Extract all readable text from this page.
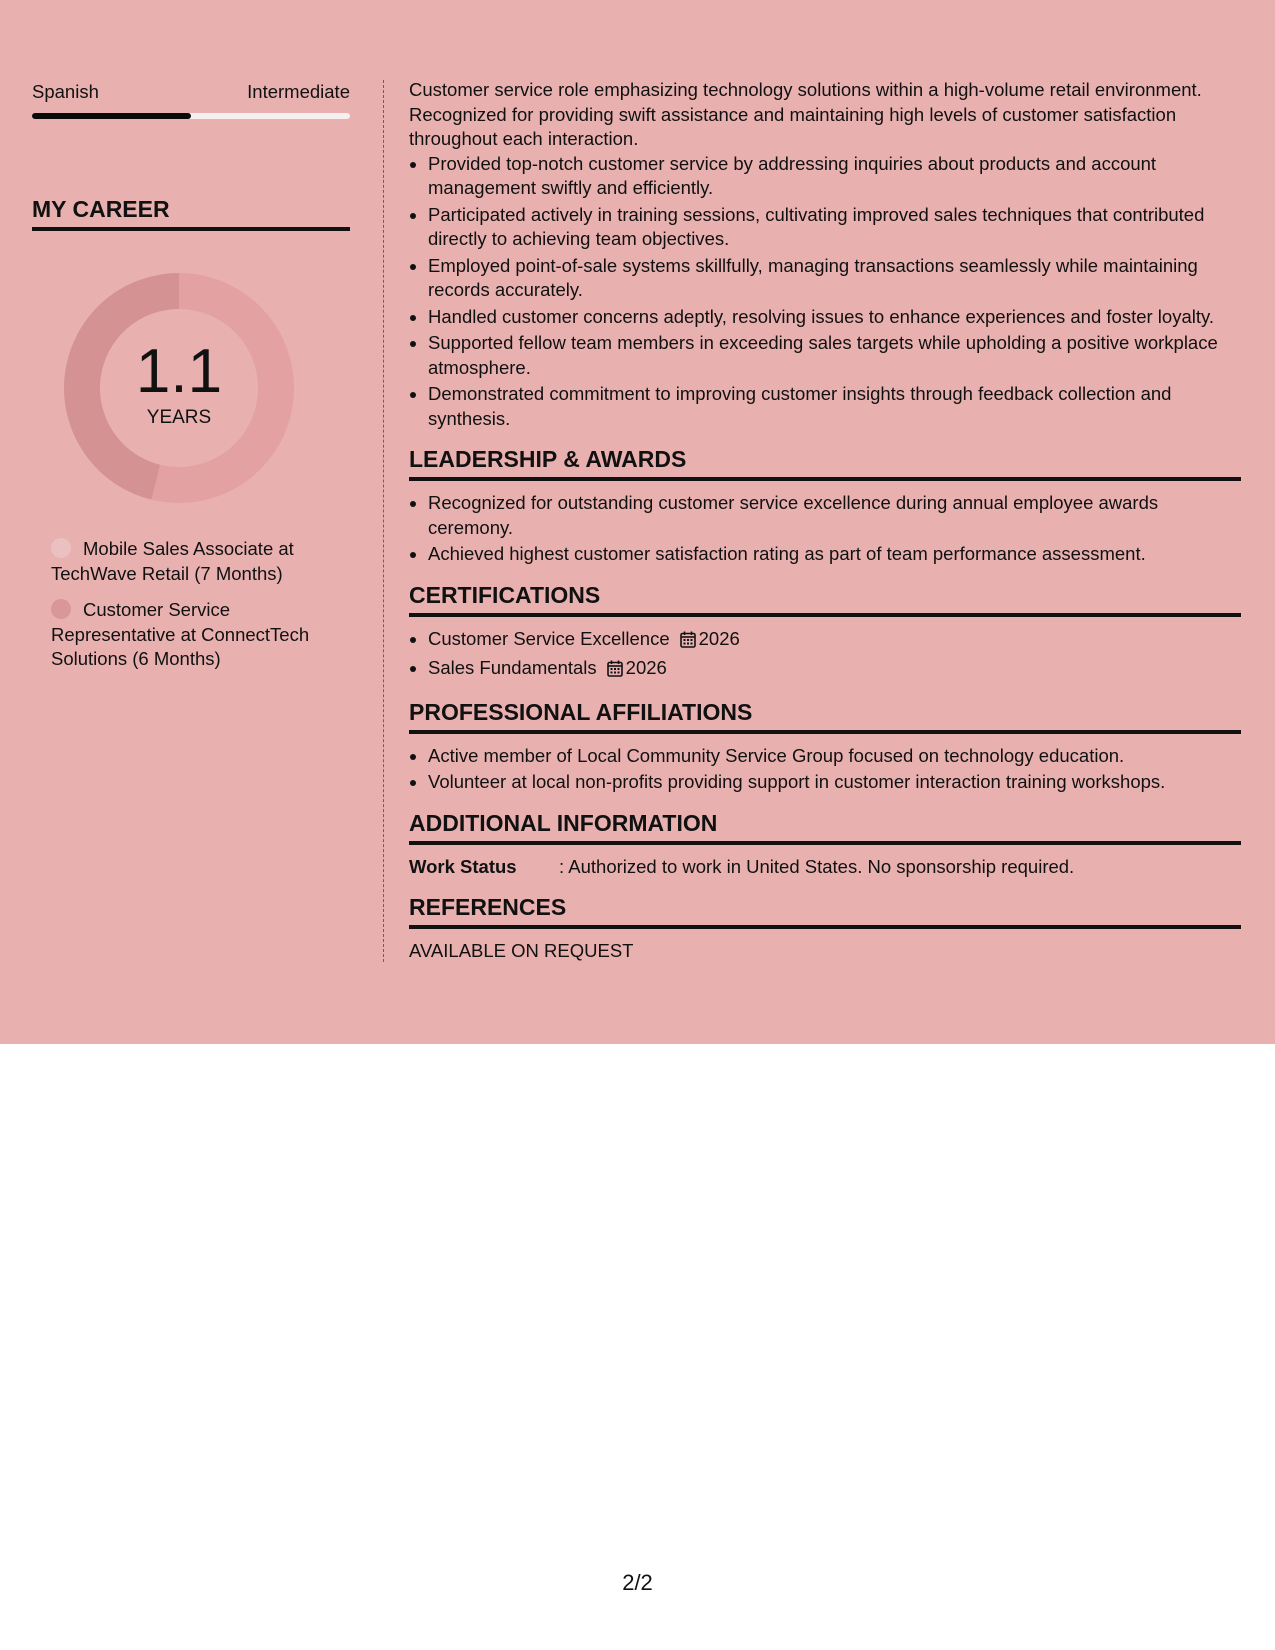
Spanish	Intermediate
MY CAREER
1.1
YEARS
Mobile Sales Associate at TechWave Retail (7 Months)
Customer Service Representative at ConnectTech Solutions (6 Months)

Customer service role emphasizing technology solutions within a high-volume retail environment. Recognized for providing swift assistance and maintaining high levels of customer satisfaction throughout each interaction.

• Provided top-notch customer service by addressing inquiries about products and account management swiftly and efficiently.
• Participated actively in training sessions, cultivating improved sales techniques that contributed directly to achieving team objectives.
• Employed point-of-sale systems skillfully, managing transactions seamlessly while maintaining records accurately.
• Handled customer concerns adeptly, resolving issues to enhance experiences and foster loyalty.
• Supported fellow team members in exceeding sales targets while upholding a positive workplace atmosphere.
• Demonstrated commitment to improving customer insights through feedback collection and synthesis.
LEADERSHIP & AWARDS
• Recognized for outstanding customer service excellence during annual employee awards ceremony.
• Achieved highest customer satisfaction rating as part of team performance assessment.
CERTIFICATIONS
• Customer Service Excellence 2026
• Sales Fundamentals 2026
PROFESSIONAL AFFILIATIONS
• Active member of Local Community Service Group focused on technology education.
• Volunteer at local non-profits providing support in customer interaction training workshops.
ADDITIONAL INFORMATION
Work Status	: Authorized to work in United States. No sponsorship required.
REFERENCES
AVAILABLE ON REQUEST
2/2
